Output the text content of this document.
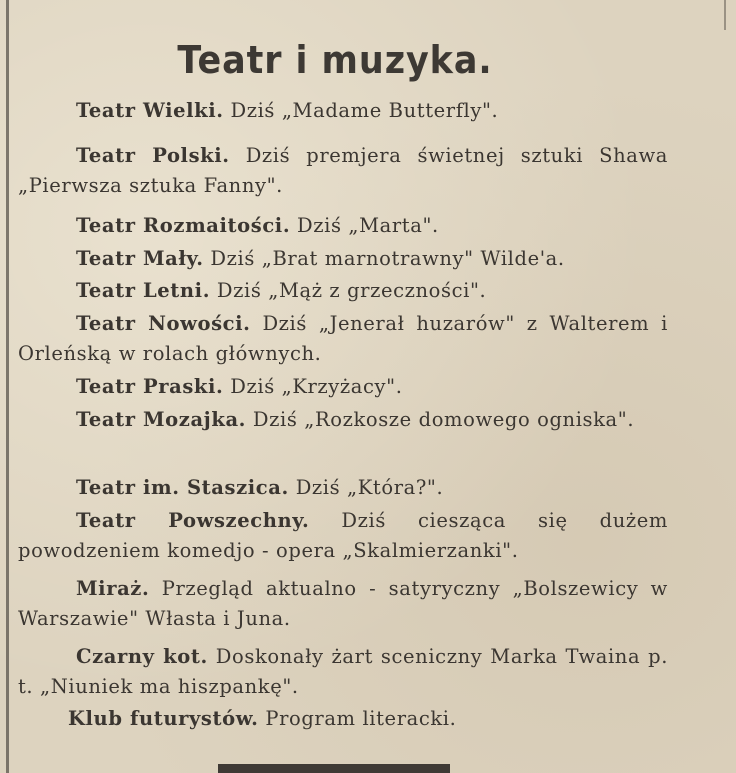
Teatr i muzyka.

Teatr Wielki. Dziś „Madame Butterfly".

Teatr Polski. Dziś premjera świetnej sztuki Shawa „Pierwsza sztuka Fanny".

Teatr Rozmaitości. Dziś „Marta".

Teatr Mały. Dziś „Brat marnotrawny" Wilde'a.

Teatr Letni. Dziś „Mąż z grzeczności".

Teatr Nowości. Dziś „Jenerał huzarów" z Walterem i Orleńską w rolach głównych.

Teatr Praski. Dziś „Krzyżacy".

Teatr Mozajka. Dziś „Rozkosze domowego ogniska".

Teatr im. Staszica. Dziś „Która?".

Teatr Powszechny. Dziś ciesząca się dużem powodzeniem komedjo - opera „Skalmierzanki".

Miraż. Przegląd aktualno - satyryczny „Bolszewicy w Warszawie" Własta i Juna.

Czarny kot. Doskonały żart sceniczny Marka Twaina p. t. „Niuniek ma hiszpankę".

Klub futurystów. Program literacki.
